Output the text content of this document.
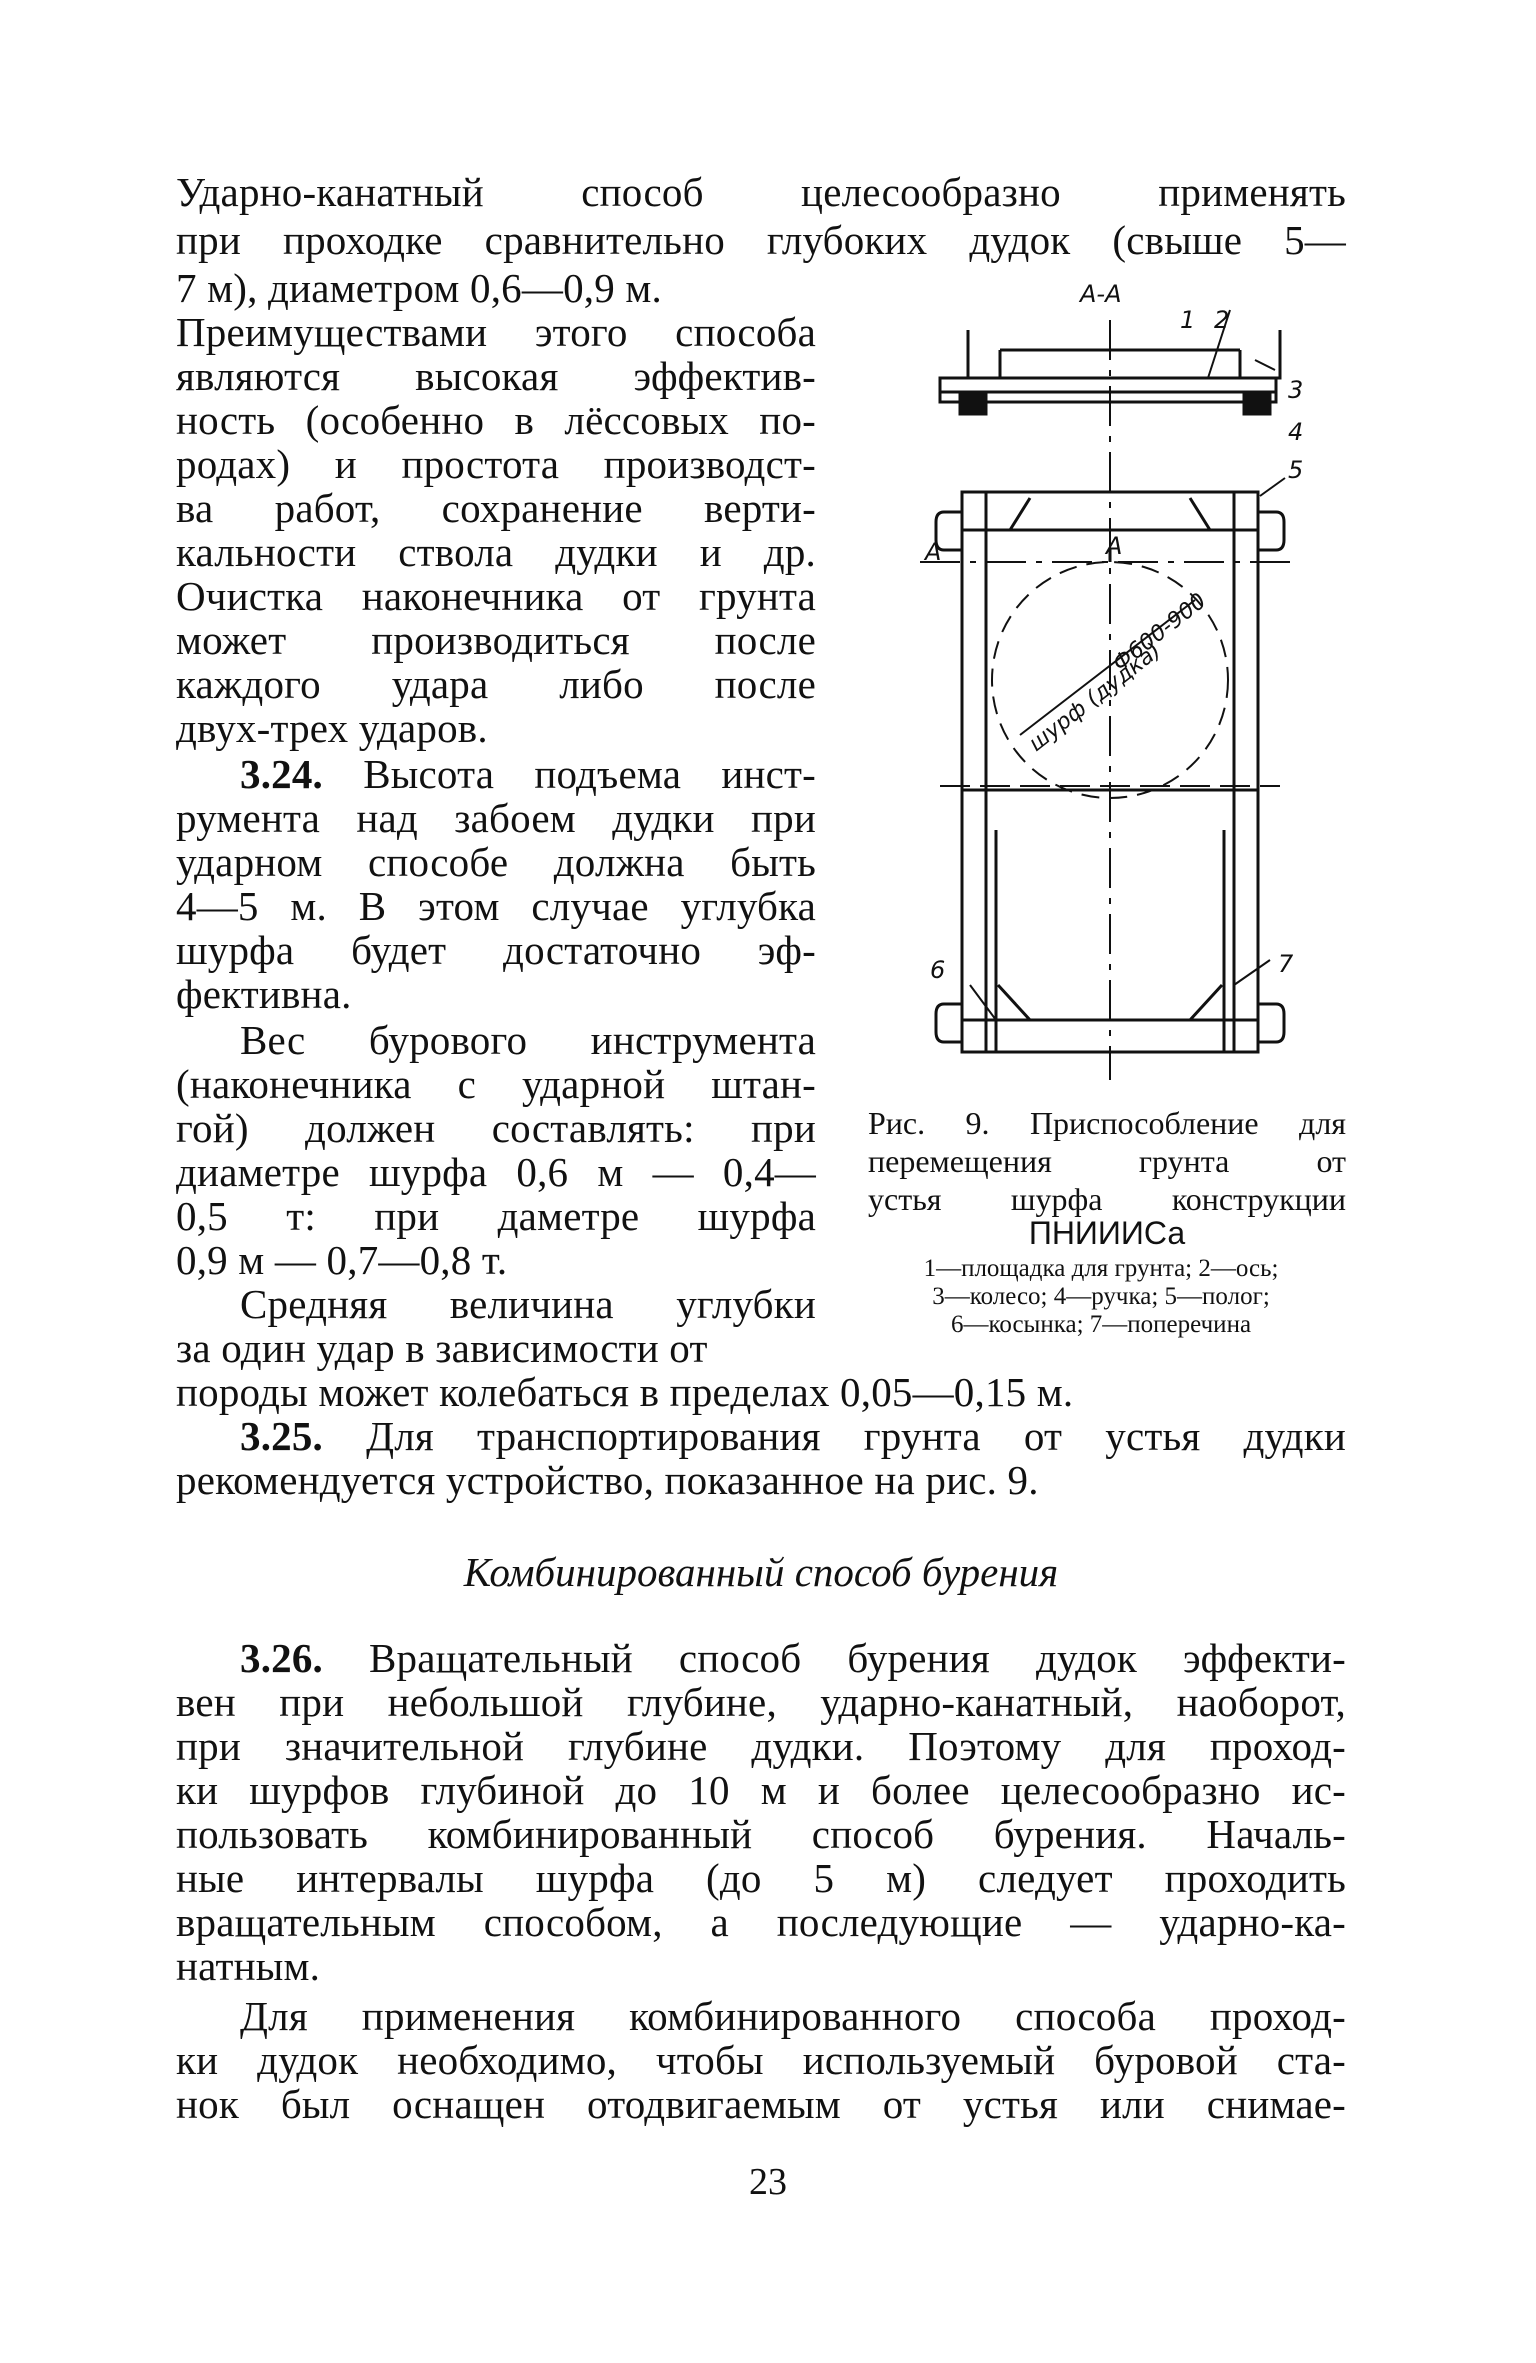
Ударно-канатный способ целесообразно применять
при проходке сравнительно глубоких дудок (свыше 5—
7 м), диаметром 0,6—0,9 м.
Преимуществами этого способа
являются высокая эффектив-
ность (особенно в лёссовых по-
родах) и простота производст-
ва работ, сохранение верти-
кальности ствола дудки и др.
Очистка наконечника от грунта
может производиться после
каждого удара либо после
двух-трех ударов.
3.24. Высота подъема инст-
румента над забоем дудки при
ударном способе должна быть
4—5 м. В этом случае углубка
шурфа будет достаточно эф-
фективна.
Вес бурового инструмента
(наконечника с ударной штан-
гой) должен составлять: при
диаметре шурфа 0,6 м — 0,4—
0,5 т: при даметре шурфа
0,9 м — 0,7—0,8 т.
Средняя величина углубки
за один удар в зависимости от
породы может колебаться в пределах 0,05—0,15 м.
3.25. Для транспортирования грунта от устья дудки
рекомендуется устройство, показанное на рис. 9.
Комбинированный способ бурения
3.26. Вращательный способ бурения дудок эффекти-
вен при небольшой глубине, ударно-канатный, наоборот,
при значительной глубине дудки. Поэтому для проход-
ки шурфов глубиной до 10 м и более целесообразно ис-
пользовать комбинированный способ бурения. Началь-
ные интервалы шурфа (до 5 м) следует проходить
вращательным способом, а последующие — ударно-ка-
натным.
Для применения комбинированного способа проход-
ки дудок необходимо, чтобы используемый буровой ста-
нок был оснащен отодвигаемым от устья или снимае-
Рис. 9. Приспособление для
перемещения грунта от
устья шурфа конструкции
ПНИИИСа
1—площадка для грунта; 2—ось;
3—колесо; 4—ручка; 5—полог;
6—косынка; 7—поперечина
А-А
А	А
1 2
3
4
5
6	7
Ф600-900
шурф (дудка)
23
